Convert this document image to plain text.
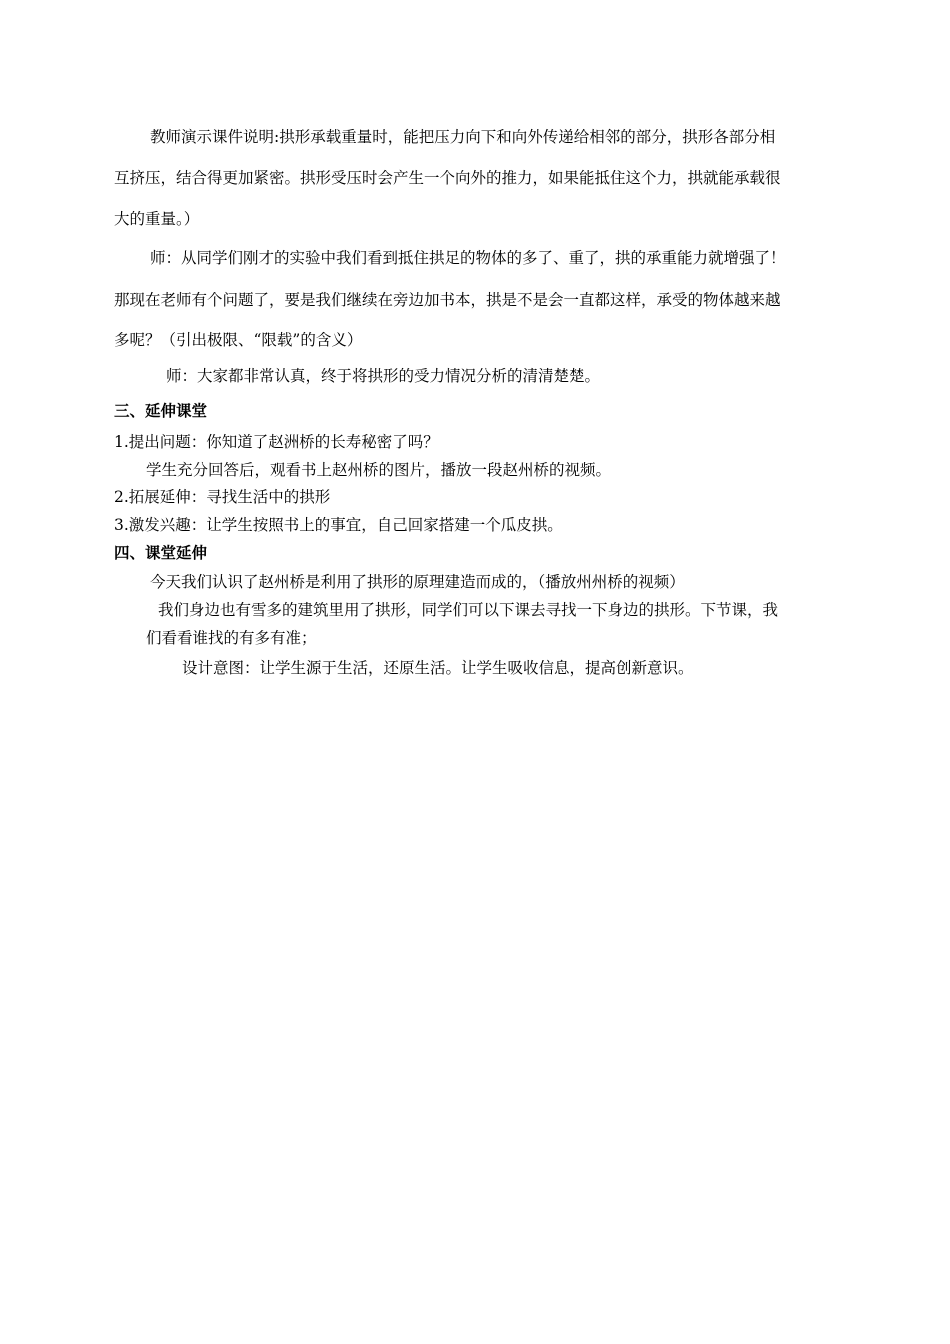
教师演示课件说明:拱形承载重量时，能把压力向下和向外传递给相邻的部分，拱形各部分相
互挤压，结合得更加紧密。拱形受压时会产生一个向外的推力，如果能抵住这个力，拱就能承载很
大的重量。）
师：从同学们刚才的实验中我们看到抵住拱足的物体的多了、重了，拱的承重能力就增强了！
那现在老师有个问题了，要是我们继续在旁边加书本，拱是不是会一直都这样，承受的物体越来越
多呢？（引出极限、“限载”的含义）
师：大家都非常认真，终于将拱形的受力情况分析的清清楚楚。
三、延伸课堂
1.提出问题：你知道了赵洲桥的长寿秘密了吗？
学生充分回答后，观看书上赵州桥的图片，播放一段赵州桥的视频。
2.拓展延伸：寻找生活中的拱形
3.激发兴趣：让学生按照书上的事宜，自己回家搭建一个瓜皮拱。
四、课堂延伸
今天我们认识了赵州桥是利用了拱形的原理建造而成的，（播放州州桥的视频）
我们身边也有雪多的建筑里用了拱形，同学们可以下课去寻找一下身边的拱形。下节课，我
们看看谁找的有多有准；
设计意图：让学生源于生活，还原生活。让学生吸收信息，提高创新意识。
